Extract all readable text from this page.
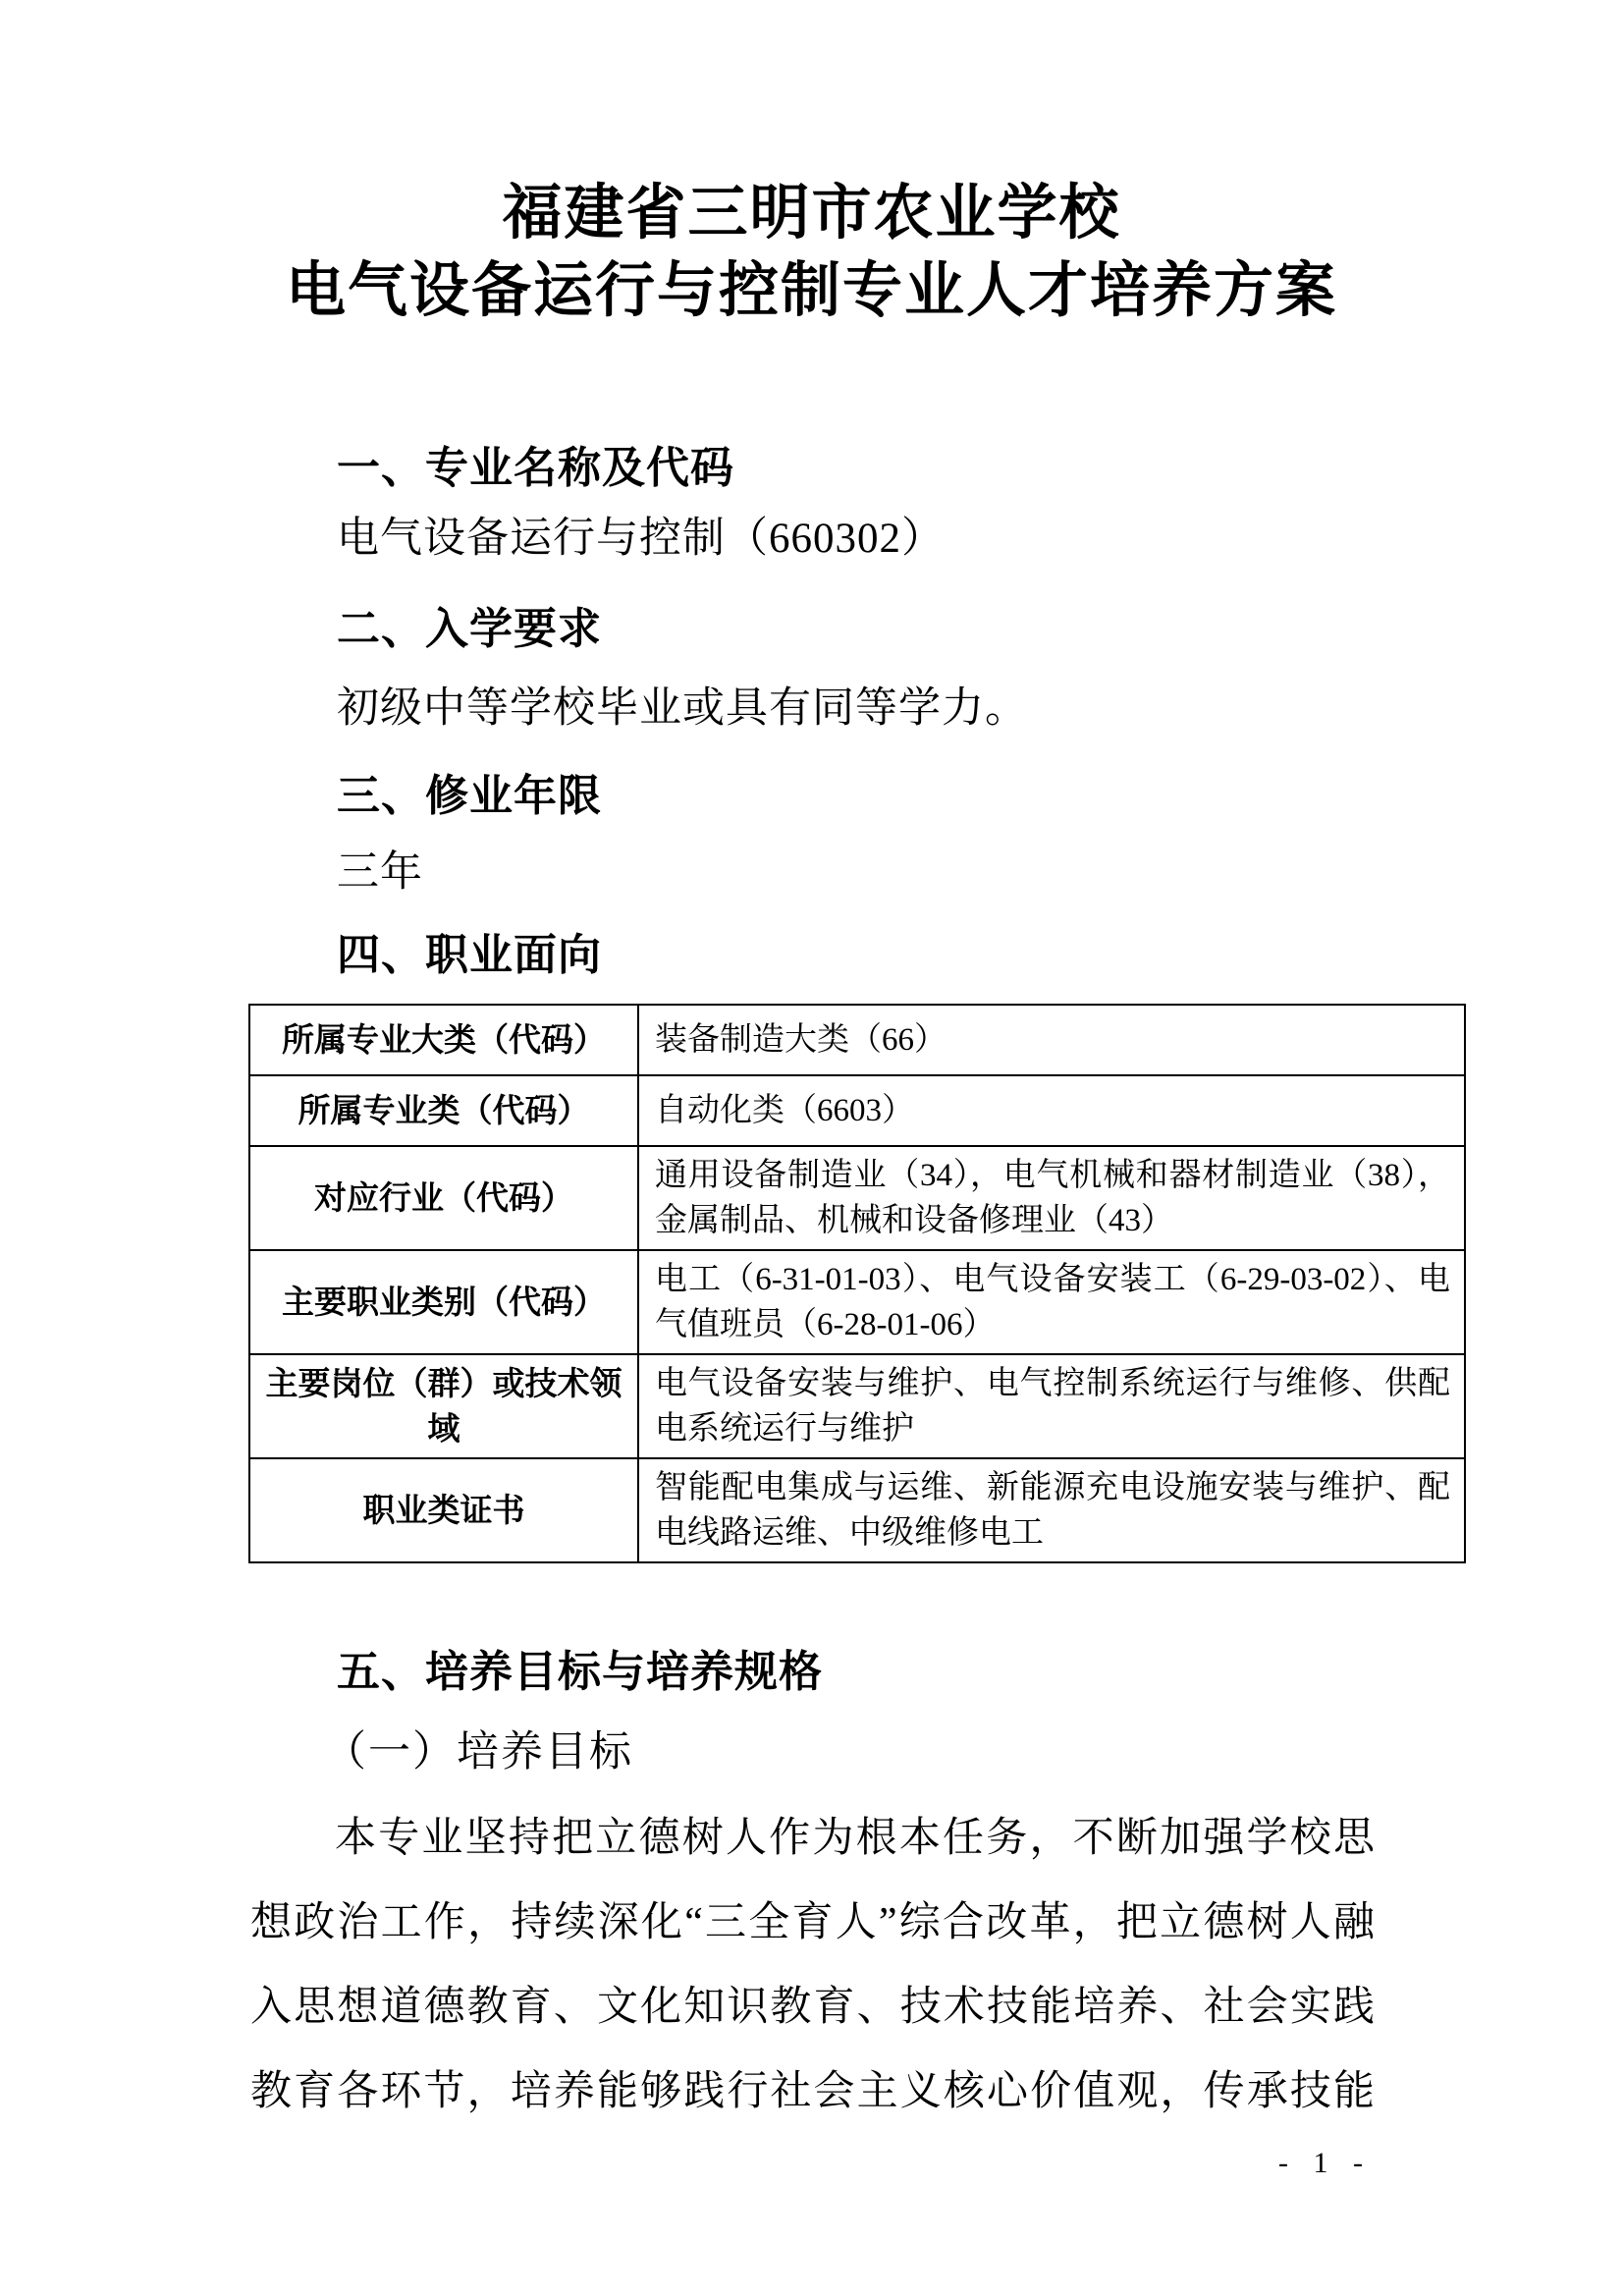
福建省三明市农业学校
电气设备运行与控制专业人才培养方案
一、专业名称及代码
电气设备运行与控制（660302）
二、入学要求
初级中等学校毕业或具有同等学力。
三、修业年限
三年
四、职业面向
所属专业大类（代码）	装备制造大类（66）
所属专业类（代码）	自动化类（6603）
对应行业（代码）	通用设备制造业（34），电气机械和器材制造业（38），金属制品、机械和设备修理业（43）
主要职业类别（代码）	电工（6-31-01-03）、电气设备安装工（6-29-03-02）、电气值班员（6-28-01-06）
主要岗位（群）或技术领域	电气设备安装与维护、电气控制系统运行与维修、供配电系统运行与维护
职业类证书	智能配电集成与运维、新能源充电设施安装与维护、配电线路运维、中级维修电工
五、培养目标与培养规格
（一）培养目标
本专业坚持把立德树人作为根本任务，不断加强学校思
想政治工作，持续深化“三全育人”综合改革，把立德树人融
入思想道德教育、文化知识教育、技术技能培养、社会实践
教育各环节，培养能够践行社会主义核心价值观，传承技能
- 1 -
